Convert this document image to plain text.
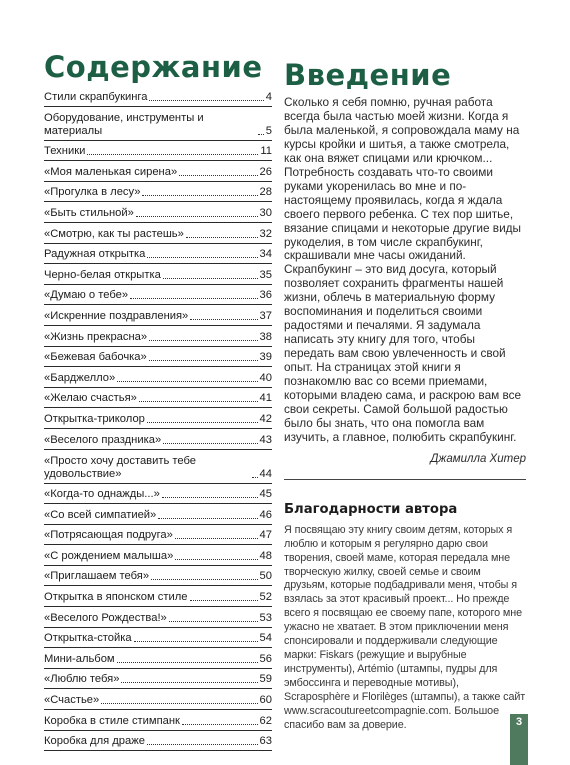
Содержание
Стили скрапбукинга	4
Оборудование, инструменты и материалы	5
Техники	11
«Моя маленькая сирена»	26
«Прогулка в лесу»	28
«Быть стильной»	30
«Смотрю, как ты растешь»	32
Радужная открытка	34
Черно-белая открытка	35
«Думаю о тебе»	36
«Искренние поздравления»	37
«Жизнь прекрасна»	38
«Бежевая бабочка»	39
«Барджелло»	40
«Желаю счастья»	41
Открытка-триколор	42
«Веселого праздника»	43
«Просто хочу доставить тебе удовольствие»	44
«Когда-то однажды...»	45
«Со всей симпатией»	46
«Потрясающая подруга»	47
«С рождением малыша»	48
«Приглашаем тебя»	50
Открытка в японском стиле	52
«Веселого Рождества!»	53
Открытка-стойка	54
Мини-альбом	56
«Люблю тебя»	59
«Счастье»	60
Коробка в стиле стимпанк	62
Коробка для драже	63
Введение

Сколько я себя помню, ручная работа всегда была частью моей жизни. Когда я была маленькой, я сопровождала маму на курсы кройки и шитья, а также смотрела, как она вяжет спицами или крючком... Потребность создавать что-то своими руками укоренилась во мне и по-настоящему проявилась, когда я ждала своего первого ребенка. С тех пор шитье, вязание спицами и некоторые другие виды рукоделия, в том числе скрапбукинг, скрашивали мне часы ожиданий. Скрапбукинг – это вид досуга, который позволяет сохранить фрагменты нашей жизни, облечь в материальную форму воспоминания и поделиться своими радостями и печалями. Я задумала написать эту книгу для того, чтобы передать вам свою увлеченность и свой опыт. На страницах этой книги я познакомлю вас со всеми приемами, которыми владею сама, и раскрою вам все свои секреты. Самой большой радостью было бы знать, что она помогла вам изучить, а главное, полюбить скрапбукинг.

Джамилла Хитер

Благодарности автора

Я посвящаю эту книгу своим детям, которых я люблю и которым я регулярно дарю свои творения, своей маме, которая передала мне творческую жилку, своей семье и своим друзьям, которые подбадривали меня, чтобы я взялась за этот красивый проект... Но прежде всего я посвящаю ее своему папе, которого мне ужасно не хватает. В этом приключении меня спонсировали и поддерживали следующие марки: Fiskars (режущие и вырубные инструменты), Artémio (штампы, пудры для эмбоссинга и переводные мотивы), Scraposphère и Florilèges (штампы), а также сайт www.scracoutureetcompagnie.com. Большое спасибо вам за доверие.	3
